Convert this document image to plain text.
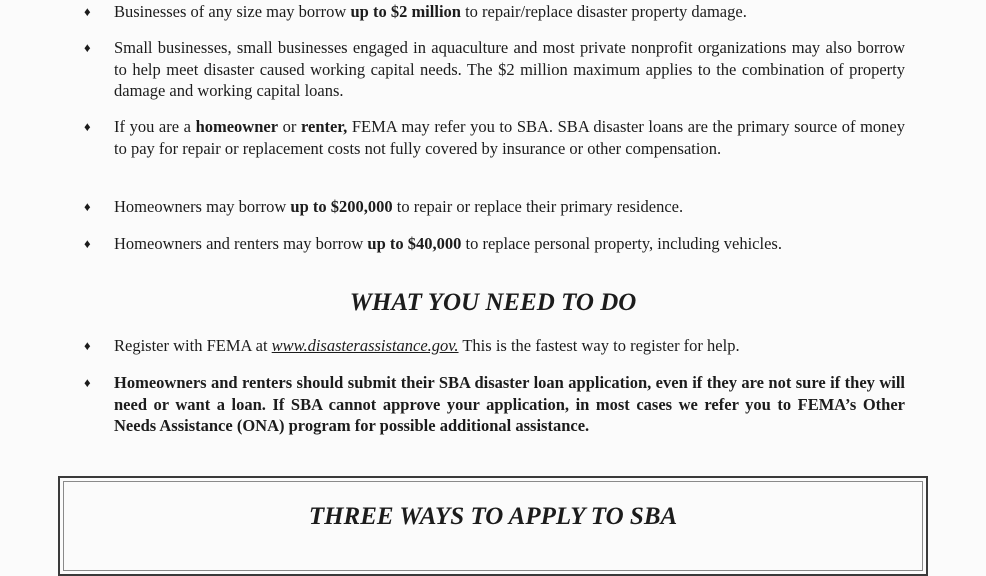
♦ Businesses of any size may borrow up to $2 million to repair/replace disaster property damage.
♦ Small businesses, small businesses engaged in aquaculture and most private nonprofit organizations may also borrow to help meet disaster caused working capital needs. The $2 million maximum applies to the combination of property damage and working capital loans.
♦ If you are a homeowner or renter, FEMA may refer you to SBA. SBA disaster loans are the primary source of money to pay for repair or replacement costs not fully covered by insurance or other compensation.
♦ Homeowners may borrow up to $200,000 to repair or replace their primary residence.
♦ Homeowners and renters may borrow up to $40,000 to replace personal property, including vehicles.
WHAT YOU NEED TO DO
♦ Register with FEMA at www.disasterassistance.gov. This is the fastest way to register for help.
♦ Homeowners and renters should submit their SBA disaster loan application, even if they are not sure if they will need or want a loan. If SBA cannot approve your application, in most cases we refer you to FEMA’s Other Needs Assistance (ONA) program for possible additional assistance.
THREE WAYS TO APPLY TO SBA
